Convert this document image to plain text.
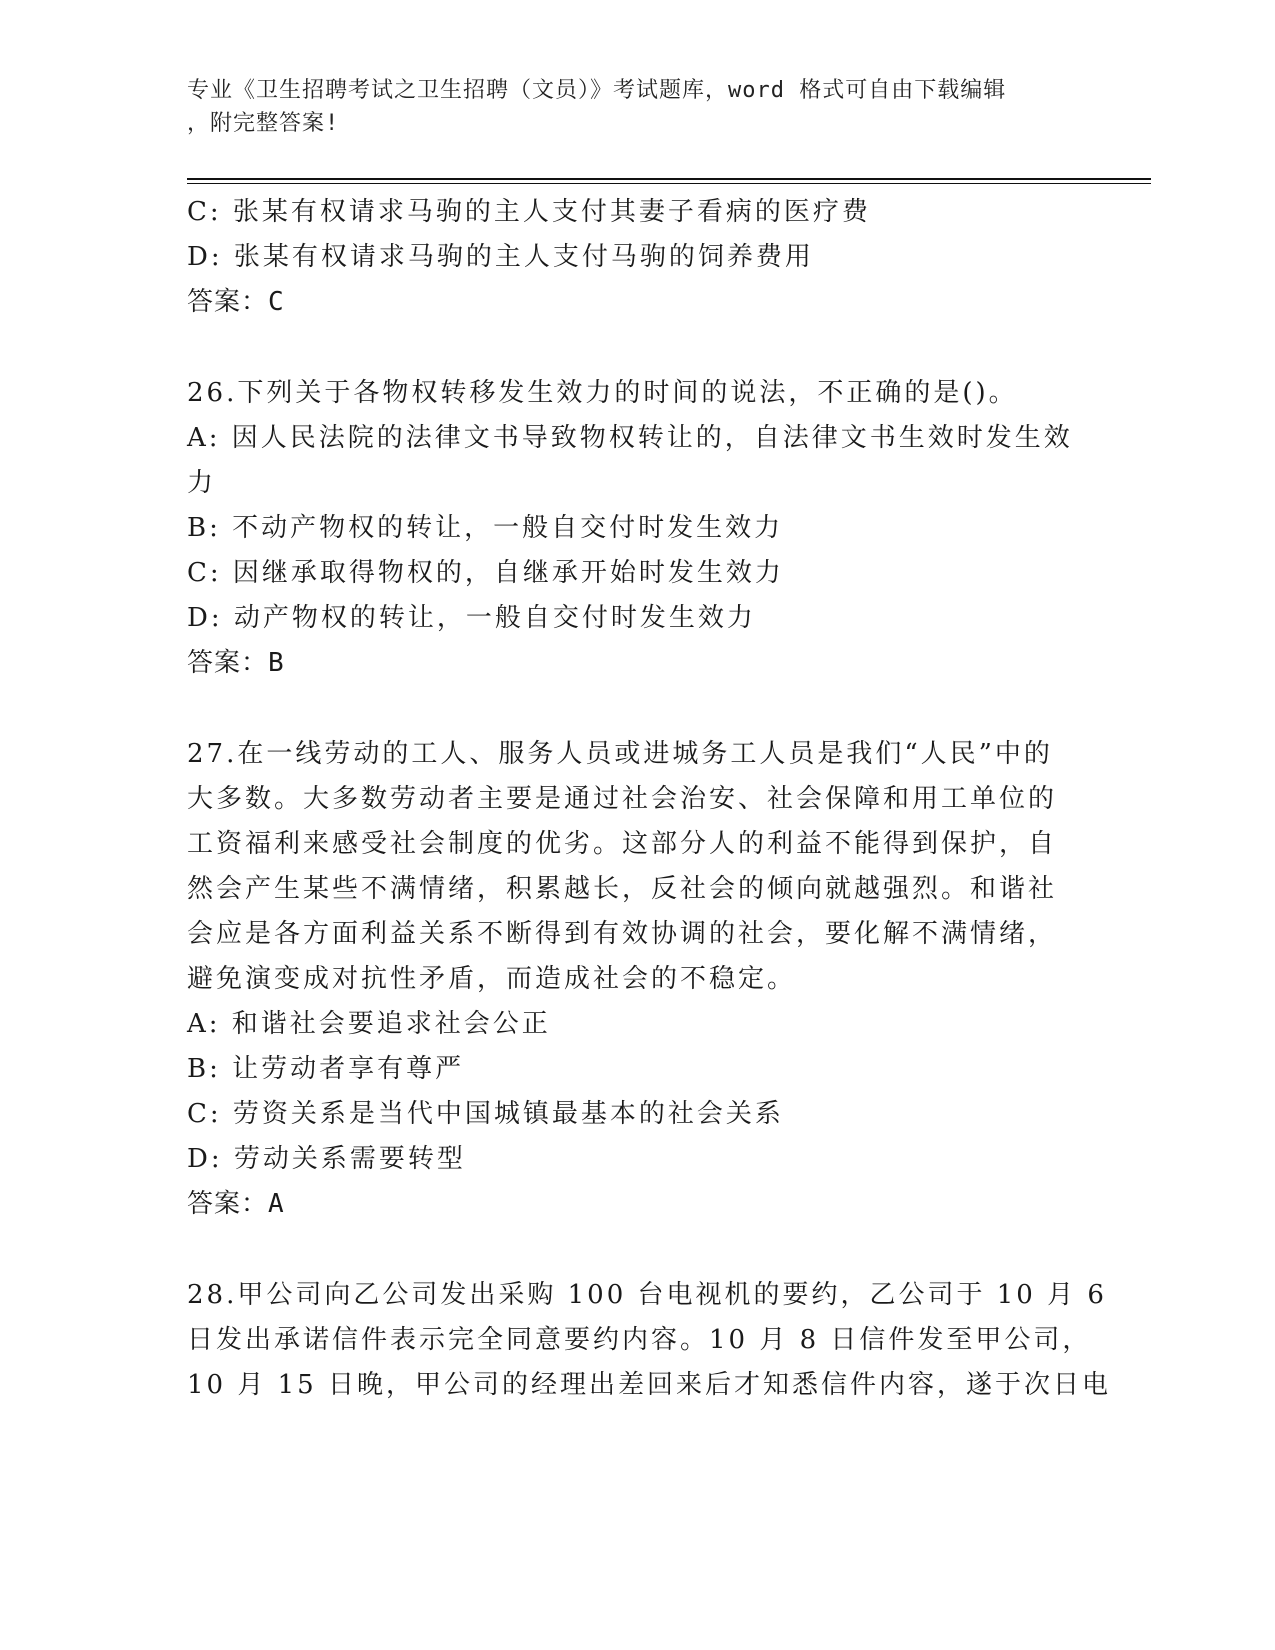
专业《卫生招聘考试之卫生招聘（文员）》考试题库，word 格式可自由下载编辑
，附完整答案!
C: 张某有权请求马驹的主人支付其妻子看病的医疗费
D: 张某有权请求马驹的主人支付马驹的饲养费用
答案：C
26.下列关于各物权转移发生效力的时间的说法，不正确的是()。
A: 因人民法院的法律文书导致物权转让的，自法律文书生效时发生效
力
B: 不动产物权的转让，一般自交付时发生效力
C: 因继承取得物权的，自继承开始时发生效力
D: 动产物权的转让，一般自交付时发生效力
答案：B
27.在一线劳动的工人、服务人员或进城务工人员是我们“人民”中的
大多数。大多数劳动者主要是通过社会治安、社会保障和用工单位的
工资福利来感受社会制度的优劣。这部分人的利益不能得到保护，自
然会产生某些不满情绪，积累越长，反社会的倾向就越强烈。和谐社
会应是各方面利益关系不断得到有效协调的社会，要化解不满情绪，
避免演变成对抗性矛盾，而造成社会的不稳定。
A: 和谐社会要追求社会公正
B: 让劳动者享有尊严
C: 劳资关系是当代中国城镇最基本的社会关系
D: 劳动关系需要转型
答案：A
28.甲公司向乙公司发出采购 100 台电视机的要约，乙公司于 10 月 6
日发出承诺信件表示完全同意要约内容。10 月 8 日信件发至甲公司，
10 月 15 日晚，甲公司的经理出差回来后才知悉信件内容，遂于次日电
